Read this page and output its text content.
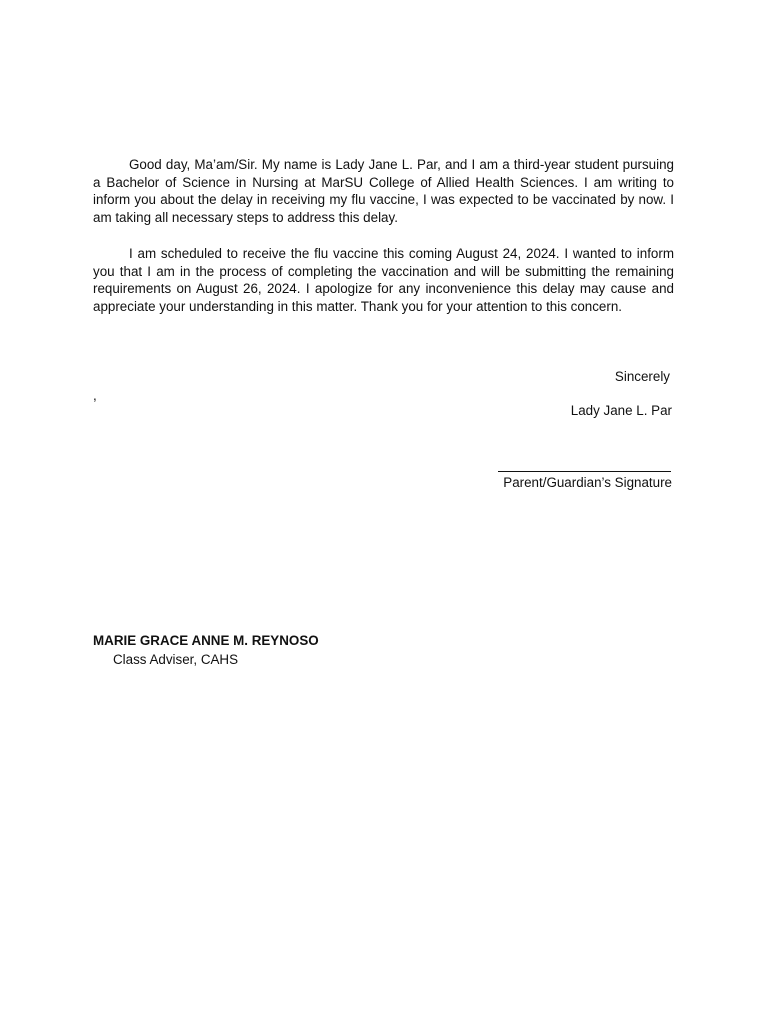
Good day, Ma’am/Sir. My name is Lady Jane L. Par, and I am a third-year student pursuing a Bachelor of Science in Nursing at MarSU College of Allied Health Sciences. I am writing to inform you about the delay in receiving my flu vaccine, I was expected to be vaccinated by now. I am taking all necessary steps to address this delay.

I am scheduled to receive the flu vaccine this coming August 24, 2024. I wanted to inform you that I am in the process of completing the vaccination and will be submitting the remaining requirements on August 26, 2024. I apologize for any inconvenience this delay may cause and appreciate your understanding in this matter. Thank you for your attention to this concern.

Sincerely
,
Lady Jane L. Par
Parent/Guardian’s Signature
MARIE GRACE ANNE M. REYNOSO
Class Adviser, CAHS
